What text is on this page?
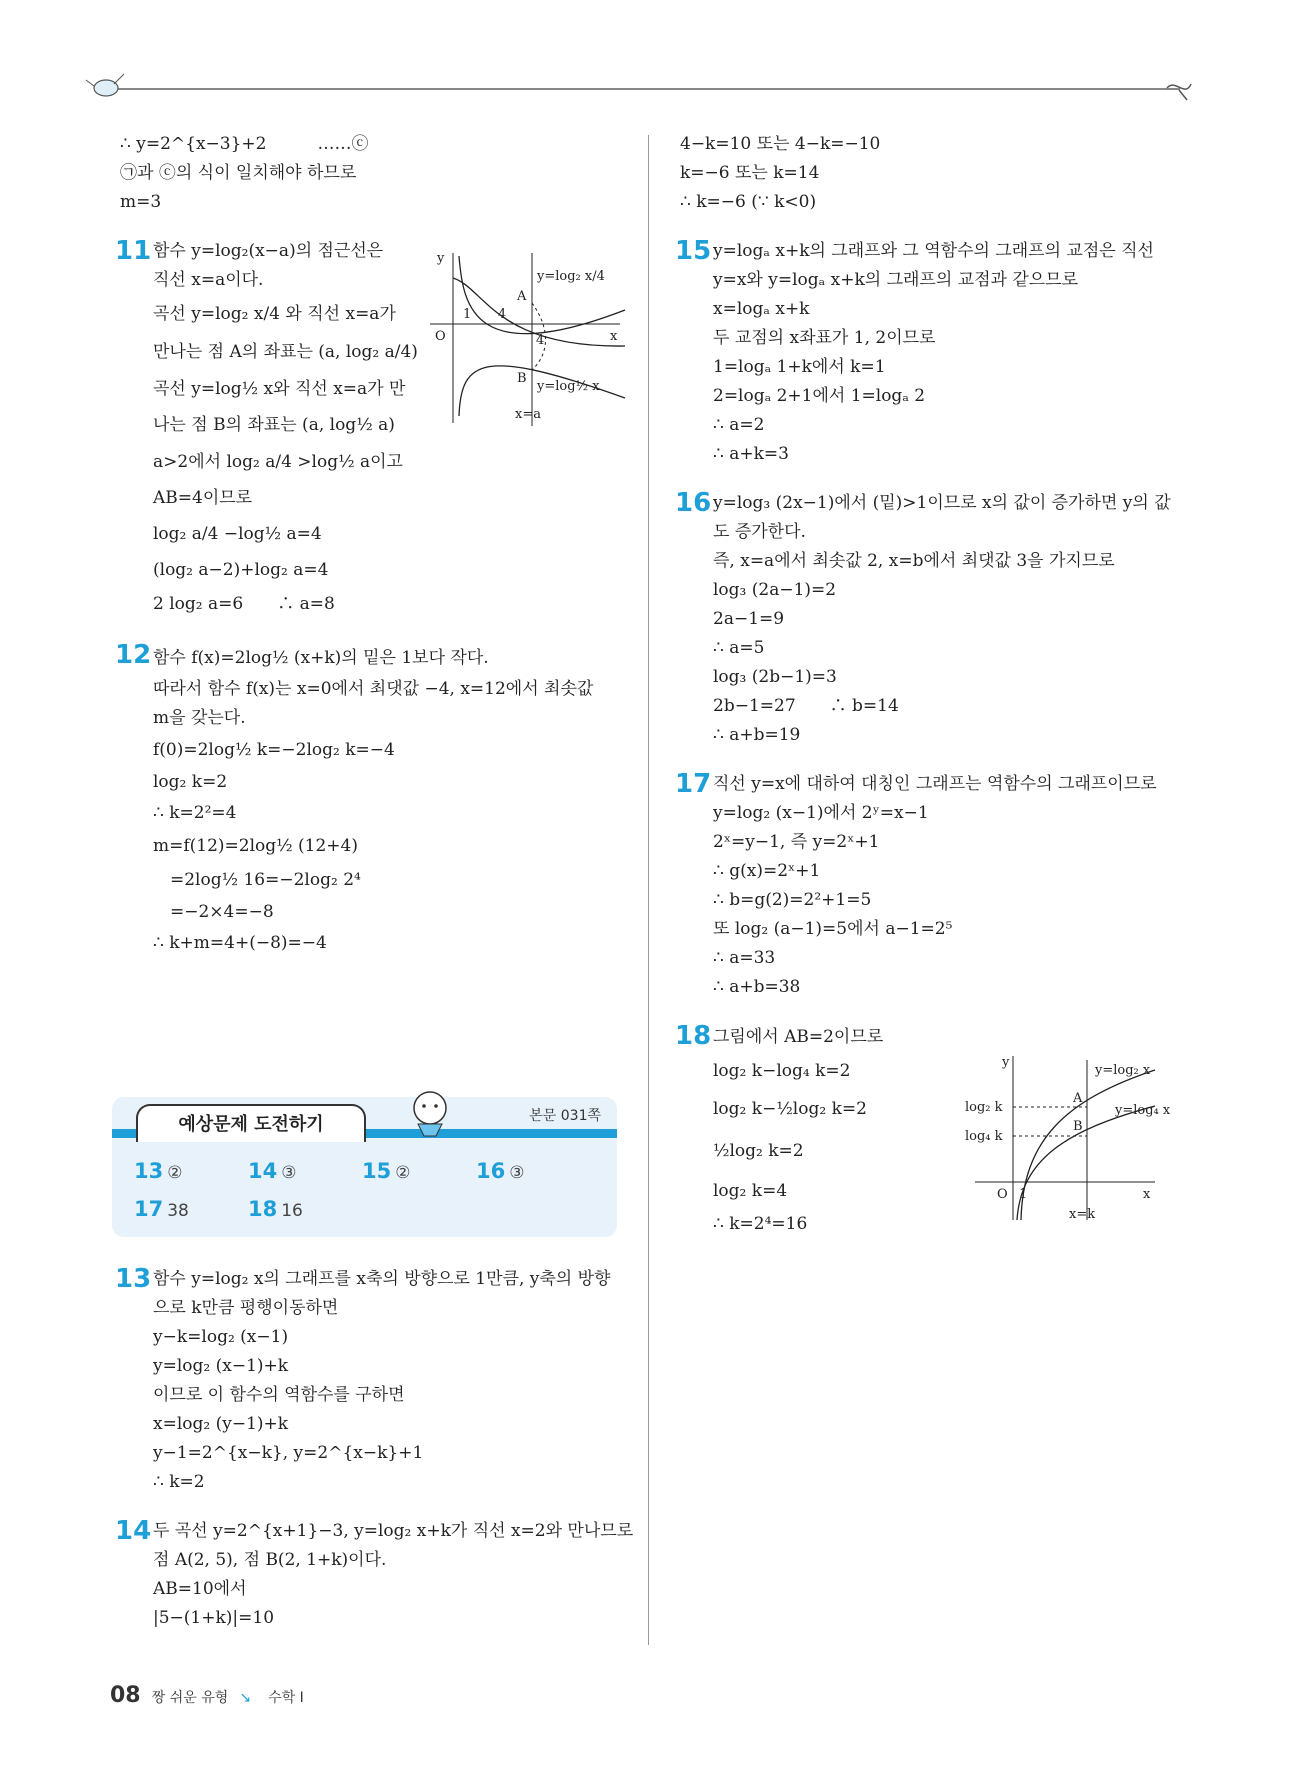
∴ y=2^{x−3}+2　　　……ⓒ
㉠과 ⓒ의 식이 일치해야 하므로
m=3
11 함수 y=log₂(x−a)의 점근선은
직선 x=a이다.
곡선 y=log₂ x/4 와 직선 x=a가
만나는 점 A의 좌표는 (a, log₂ a/4)
곡선 y=log½ x와 직선 x=a가 만
나는 점 B의 좌표는 (a, log½ a)
a>2에서 log₂ a/4 >log½ a이고
AB=4이므로
log₂ a/4 −log½ a=4
(log₂ a−2)+log₂ a=4
2 log₂ a=6　　∴ a=8
12 함수 f(x)=2log½ (x+k)의 밑은 1보다 작다.
따라서 함수 f(x)는 x=0에서 최댓값 −4, x=12에서 최솟값
m을 갖는다.
f(0)=2log½ k=−2log₂ k=−4
log₂ k=2
∴ k=2²=4
m=f(12)=2log½ (12+4)
　=2log½ 16=−2log₂ 2⁴
　=−2×4=−8
∴ k+m=4+(−8)=−4
y
x
O
1 4
A
B
4
y=log₂ x/4
y=log½ x
x=a
예상문제 도전하기	본문 031쪽
13 ②	14 ③	15 ②	16 ③
17 38	18 16
13 함수 y=log₂ x의 그래프를 x축의 방향으로 1만큼, y축의 방향
으로 k만큼 평행이동하면
y−k=log₂ (x−1)
y=log₂ (x−1)+k
이므로 이 함수의 역함수를 구하면
x=log₂ (y−1)+k
y−1=2^{x−k}, y=2^{x−k}+1
∴ k=2
14 두 곡선 y=2^{x+1}−3, y=log₂ x+k가 직선 x=2와 만나므로
점 A(2, 5), 점 B(2, 1+k)이다.
AB=10에서
|5−(1+k)|=10
4−k=10 또는 4−k=−10
k=−6 또는 k=14
∴ k=−6 (∵ k<0)
15 y=logₐ x+k의 그래프와 그 역함수의 그래프의 교점은 직선
y=x와 y=logₐ x+k의 그래프의 교점과 같으므로
x=logₐ x+k
두 교점의 x좌표가 1, 2이므로
1=logₐ 1+k에서 k=1
2=logₐ 2+1에서 1=logₐ 2
∴ a=2
∴ a+k=3
16 y=log₃ (2x−1)에서 (밑)>1이므로 x의 값이 증가하면 y의 값
도 증가한다.
즉, x=a에서 최솟값 2, x=b에서 최댓값 3을 가지므로
log₃ (2a−1)=2
2a−1=9
∴ a=5
log₃ (2b−1)=3
2b−1=27　　∴ b=14
∴ a+b=19
17 직선 y=x에 대하여 대칭인 그래프는 역함수의 그래프이므로
y=log₂ (x−1)에서 2ʸ=x−1
2ˣ=y−1, 즉 y=2ˣ+1
∴ g(x)=2ˣ+1
∴ b=g(2)=2²+1=5
또 log₂ (a−1)=5에서 a−1=2⁵
∴ a=33
∴ a+b=38
18 그림에서 AB=2이므로
log₂ k−log₄ k=2
log₂ k−½log₂ k=2
½log₂ k=2
log₂ k=4
∴ k=2⁴=16
y
x
O 1
A
B
log₂ k
log₄ k
y=log₂ x
y=log₄ x
x=k
08 짱 쉬운 유형 ↘ 수학 I
